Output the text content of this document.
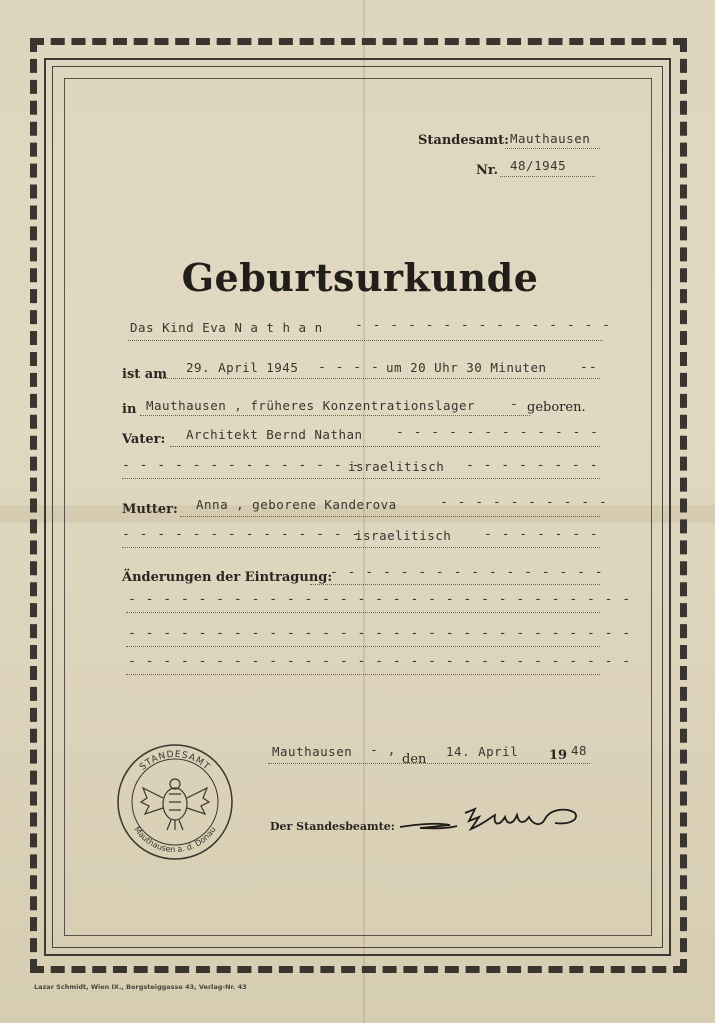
Standesamt: Mauthausen
Nr. 48/1945
Geburtsurkunde
Das Kind Eva N a t h a n - - - - - - - - - - - - - - -
ist am 29. April 1945 - - - - um 20 Uhr 30 Minuten	--
in Mauthausen , früheres Konzentrationslager	- geboren.
Vater: Architekt Bernd Nathan	- - - - - - - - - - - -
- - - - - - - - - - - - - -
israelitisch - - - - - - - -
Mutter: Anna , geborene Kanderova	- - - - - - - - - -
- - - - - - - - - - - - - -
israelitisch	- - - - - - -
Änderungen der Eintragung:
- - - - - - - - - - - - - - - -
- - - - - - - - - - - - - - - - - - - - - - - - - - - - -
- - - - - - - - - - - - - - - - - - - - - - - - - - - - -
- - - - - - - - - - - - - - - - - - - - - - - - - - - - -
Mauthausen - ,
den
14. April 19 48
STANDESAMT
Mauthausen a. d. Donau	Der Standesbeamte:
Lazar Schmidt, Wien IX., Bergsteiggasse 43, Verlag-Nr. 43
